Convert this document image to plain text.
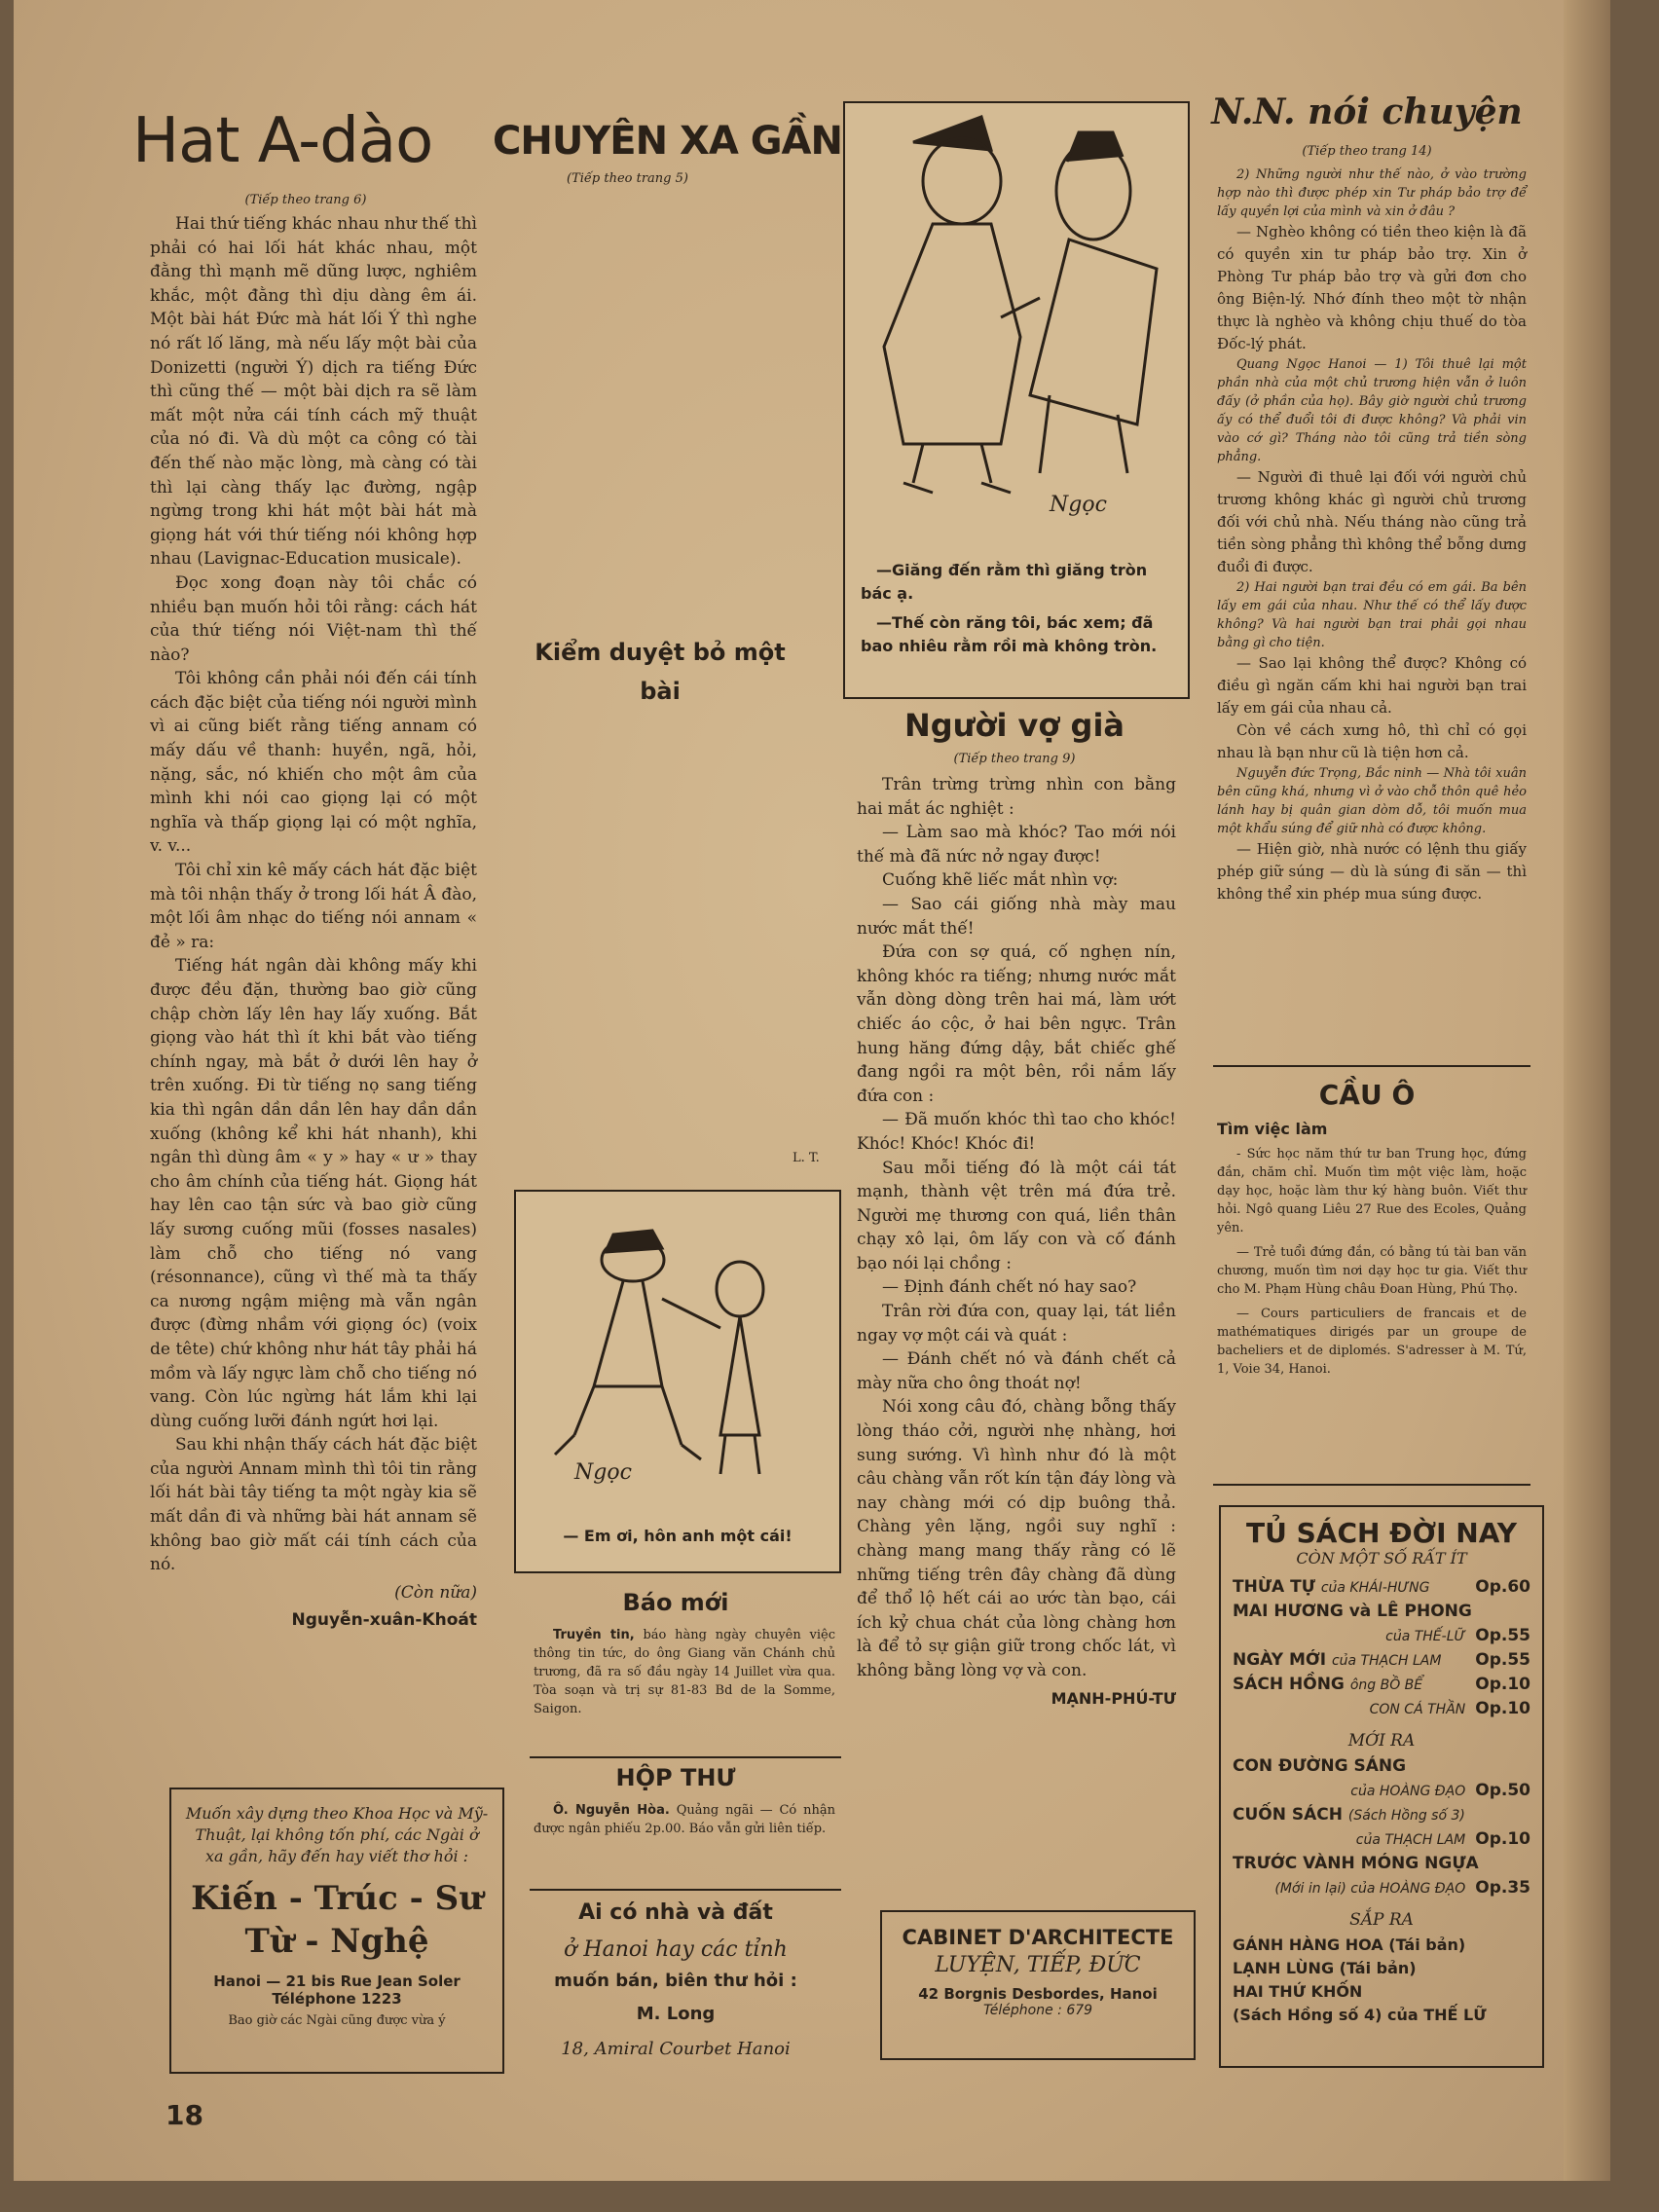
Hat A-dào
(Tiếp theo trang 6)

Hai thứ tiếng khác nhau như thế thì phải có hai lối hát khác nhau, một đằng thì mạnh mẽ dũng lược, nghiêm khắc, một đằng thì dịu dàng êm ái. Một bài hát Đức mà hát lối Ý thì nghe nó rất lố lăng, mà nếu lấy một bài của Donizetti (người Ý) dịch ra tiếng Đức thì cũng thế — một bài dịch ra sẽ làm mất một nửa cái tính cách mỹ thuật của nó đi. Và dù một ca công có tài đến thế nào mặc lòng, mà càng có tài thì lại càng thấy lạc đường, ngập ngừng trong khi hát một bài hát mà giọng hát với thứ tiếng nói không hợp nhau (Lavignac-Education musicale).

Đọc xong đoạn này tôi chắc có nhiều bạn muốn hỏi tôi rằng: cách hát của thứ tiếng nói Việt-nam thì thế nào?

Tôi không cần phải nói đến cái tính cách đặc biệt của tiếng nói người mình vì ai cũng biết rằng tiếng annam có mấy dấu về thanh: huyền, ngã, hỏi, nặng, sắc, nó khiến cho một âm của mình khi nói cao giọng lại có một nghĩa và thấp giọng lại có một nghĩa, v. v...

Tôi chỉ xin kê mấy cách hát đặc biệt mà tôi nhận thấy ở trong lối hát Â đào, một lối âm nhạc do tiếng nói annam « đẻ » ra:

Tiếng hát ngân dài không mấy khi được đều đặn, thường bao giờ cũng chập chờn lấy lên hay lấy xuống. Bắt giọng vào hát thì ít khi bắt vào tiếng chính ngay, mà bắt ở dưới lên hay ở trên xuống. Đi từ tiếng nọ sang tiếng kia thì ngân dần dần lên hay dần dần xuống (không kể khi hát nhanh), khi ngân thì dùng âm « y » hay « ư » thay cho âm chính của tiếng hát. Giọng hát hay lên cao tận sức và bao giờ cũng lấy sương cuống mũi (fosses nasales) làm chỗ cho tiếng nó vang (résonnance), cũng vì thế mà ta thấy ca nương ngậm miệng mà vẫn ngân được (đừng nhầm với giọng óc) (voix de tête) chứ không như hát tây phải há mồm và lấy ngực làm chỗ cho tiếng nó vang. Còn lúc ngừng hát lắm khi lại dùng cuống lưỡi đánh ngứt hơi lại.

Sau khi nhận thấy cách hát đặc biệt của người Annam mình thì tôi tin rằng lối hát bài tây tiếng ta một ngày kia sẽ mất dần đi và những bài hát annam sẽ không bao giờ mất cái tính cách của nó.

(Còn nữa)
Nguyễn-xuân-Khoát
Muốn xây dựng theo Khoa Học và Mỹ-Thuật, lại không tốn phí, các Ngài ở xa gần, hãy đến hay viết thơ hỏi :
Kiến - Trúc - Sư
Từ - Nghệ
Hanoi — 21 bis Rue Jean Soler
Téléphone 1223
Bao giờ các Ngài cũng được vừa ý
18
CHUYÊN XA GẦN
(Tiếp theo trang 5)
Kiểm duyệt bỏ một bài
L. T.
Ngọc
— Em ơi, hôn anh một cái!
Báo mới
Truyền tin, báo hàng ngày chuyên việc thông tin tức, do ông Giang văn Chánh chủ trương, đã ra số đầu ngày 14 Juillet vừa qua. Tòa soạn và trị sự 81-83 Bd de la Somme, Saigon.
HỘP THƯ
Ô. Nguyễn Hòa. Quảng ngãi — Có nhận được ngân phiếu 2p.00. Báo vẫn gửi liên tiếp.
Ai có nhà và đất
ở Hanoi hay các tỉnh
muốn bán, biên thư hỏi :
M. Long
18, Amiral Courbet Hanoi
Ngọc
—Giăng đến rằm thì giăng tròn bác ạ.
—Thế còn răng tôi, bác xem; đã bao nhiêu rằm rồi mà không tròn.
Người vợ già
(Tiếp theo trang 9)

Trân trừng trừng nhìn con bằng hai mắt ác nghiệt :

— Làm sao mà khóc? Tao mới nói thế mà đã nức nở ngay được!

Cuống khẽ liếc mắt nhìn vợ:

— Sao cái giống nhà mày mau nước mắt thế!

Đứa con sợ quá, cố nghẹn nín, không khóc ra tiếng; nhưng nước mắt vẫn dòng dòng trên hai má, làm ướt chiếc áo cộc, ở hai bên ngực. Trân hung hăng đứng dậy, bắt chiếc ghế đang ngồi ra một bên, rồi nắm lấy đứa con :

— Đã muốn khóc thì tao cho khóc! Khóc! Khóc! Khóc đi!

Sau mỗi tiếng đó là một cái tát mạnh, thành vệt trên má đứa trẻ. Người mẹ thương con quá, liền thân chạy xô lại, ôm lấy con và cố đánh bạo nói lại chồng :

— Định đánh chết nó hay sao?

Trân rời đứa con, quay lại, tát liền ngay vợ một cái và quát :

— Đánh chết nó và đánh chết cả mày nữa cho ông thoát nợ!

Nói xong câu đó, chàng bỗng thấy lòng tháo cởi, người nhẹ nhàng, hơi sung sướng. Vì hình như đó là một câu chàng vẫn rốt kín tận đáy lòng và nay chàng mới có dịp buông thả. Chàng yên lặng, ngồi suy nghĩ : chàng mang mang thấy rằng có lẽ những tiếng trên đây chàng đã dùng để thổ lộ hết cái ao ước tàn bạo, cái ích kỷ chua chát của lòng chàng hơn là để tỏ sự giận giữ trong chốc lát, vì không bằng lòng vợ và con.

MẠNH-PHÚ-TƯ
CABINET D'ARCHITECTE
LUYỆN, TIẾP, ĐỨC
42 Borgnis Desbordes, Hanoi
Téléphone : 679
N.N. nói chuyện
(Tiếp theo trang 14)

2) Những người như thế nào, ở vào trường hợp nào thì được phép xin Tư pháp bảo trợ để lấy quyền lợi của mình và xin ở đâu ?

— Nghèo không có tiền theo kiện là đã có quyền xin tư pháp bảo trợ. Xin ở Phòng Tư pháp bảo trợ và gửi đơn cho ông Biện-lý. Nhớ đính theo một tờ nhận thực là nghèo và không chịu thuế do tòa Đốc-lý phát.

Quang Ngọc Hanoi — 1) Tôi thuê lại một phần nhà của một chủ trương hiện vẫn ở luôn đấy (ở phần của họ). Bây giờ người chủ trương ấy có thể đuổi tôi đi được không? Và phải vin vào cớ gì? Tháng nào tôi cũng trả tiền sòng phẳng.

— Người đi thuê lại đối với người chủ trương không khác gì người chủ trương đối với chủ nhà. Nếu tháng nào cũng trả tiền sòng phẳng thì không thể bỗng dưng đuổi đi được.

2) Hai người bạn trai đều có em gái. Ba bên lấy em gái của nhau. Như thế có thể lấy được không? Và hai người bạn trai phải gọi nhau bằng gì cho tiện.

— Sao lại không thể được? Không có điều gì ngăn cấm khi hai người bạn trai lấy em gái của nhau cả.

Còn về cách xưng hô, thì chỉ có gọi nhau là bạn như cũ là tiện hơn cả.

Nguyễn đức Trọng, Bắc ninh — Nhà tôi xuân bên cũng khá, nhưng vì ở vào chỗ thôn quê hẻo lánh hay bị quân gian dòm dỗ, tôi muốn mua một khẩu súng để giữ nhà có được không.

— Hiện giờ, nhà nước có lệnh thu giấy phép giữ súng — dù là súng đi săn — thì không thể xin phép mua súng được.

CẦU Ô
Tìm việc làm

- Sức học năm thứ tư ban Trung học, đứng đắn, chăm chỉ. Muốn tìm một việc làm, hoặc dạy học, hoặc làm thư ký hàng buôn. Viết thư hỏi. Ngô quang Liêu 27 Rue des Ecoles, Quảng yên.

— Trẻ tuổi đứng đắn, có bằng tú tài ban văn chương, muốn tìm nơi dạy học tư gia. Viết thư cho M. Phạm Hùng châu Đoan Hùng, Phú Thọ.

— Cours particuliers de francais et de mathématiques dirigés par un groupe de bacheliers et de diplomés. S'adresser à M. Tứ, 1, Voie 34, Hanoi.

TỦ SÁCH ĐỜI NAY
CÒN MỘT SỐ RẤT ÍT
THỪA TỰ của KHÁI-HƯNG	Op.60
MAI HƯƠNG và LÊ PHONG
của THẾ-LỮ Op.55
NGÀY MỚI của THẠCH LAM Op.55
SÁCH HỒNG ông BỒ BỂ	Op.10
CON CÁ THẦN Op.10
MỚI RA
CON ĐƯỜNG SÁNG
của HOÀNG ĐẠO Op.50
CUỐN SÁCH (Sách Hồng số 3)
của THẠCH LAM Op.10
TRƯỚC VÀNH MÓNG NGỰA
(Mới in lại) của HOÀNG ĐẠO Op.35
SẮP RA
GÁNH HÀNG HOA (Tái bản)
LẠNH LÙNG (Tái bản)
HAI THỨ KHỐN
(Sách Hồng số 4) của THẾ LỮ
